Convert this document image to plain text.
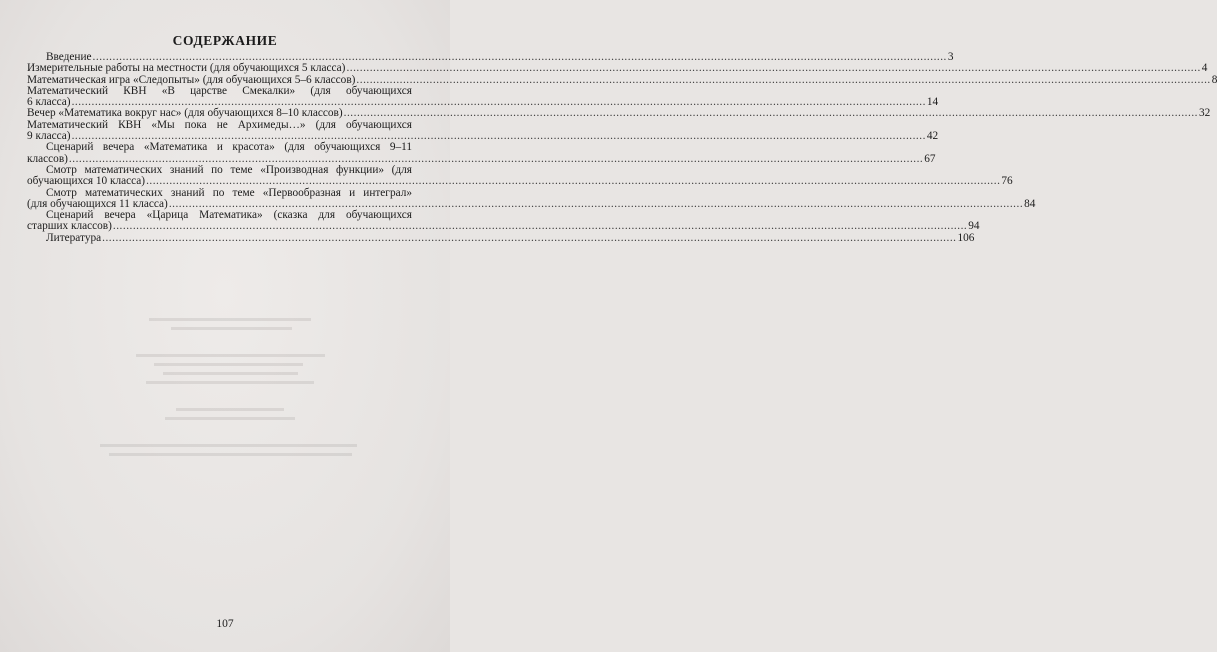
СОДЕРЖАНИЕ
Введение .....	3
Измерительные работы на местности (для обучающихся 5 класса) .....	4
Математическая игра «Следопыты» (для обучающихся 5–6 классов) .....	8
Математический КВН «В царстве Смекалки» (для обучающихся
6 класса) .....	14
Вечер «Математика вокруг нас» (для обучающихся 8–10 классов) .....	32
Математический КВН «Мы пока не Архимеды…» (для обучающихся
9 класса) .....	42
Сценарий вечера «Математика и красота» (для обучающихся 9–11
классов) .....	67
Смотр математических знаний по теме «Производная функции» (для
обучающихся 10 класса) .....	76
Смотр математических знаний по теме «Первообразная и интеграл»
(для обучающихся 11 класса) .....	84
Сценарий вечера «Царица Математика» (сказка для обучающихся
старших классов) .....	94
Литература .....	106
107
